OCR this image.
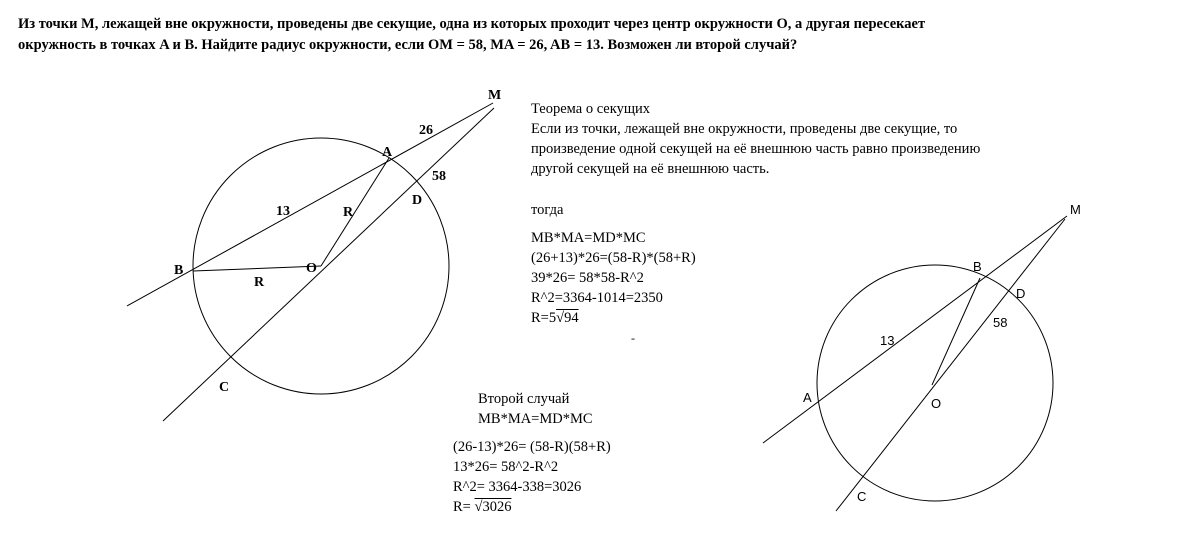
Из точки M, лежащей вне окружности, проведены две секущие, одна из которых проходит через центр окружности O, а другая пересекает
окружность в точках A и B. Найдите радиус окружности, если OM = 58, MA = 26, AB = 13. Возможен ли второй случай?

M
A
B	O
D
C
26
13
58
R
R
M
B
D
A	O
C
13
58
Теорема о секущих
Если из точки, лежащей вне окружности, проведены две секущие, то
произведение одной секущей на её внешнюю часть равно произведению
другой секущей на её внешнюю часть.
тогда
MB*MA=MD*MC
(26+13)*26=(58-R)*(58+R)
39*26= 58*58-R^2
R^2=3364-1014=2350
R=5√94
-
Второй случай
MB*MA=MD*MC
(26-13)*26= (58-R)(58+R)
13*26= 58^2-R^2
R^2= 3364-338=3026
R= √3026
